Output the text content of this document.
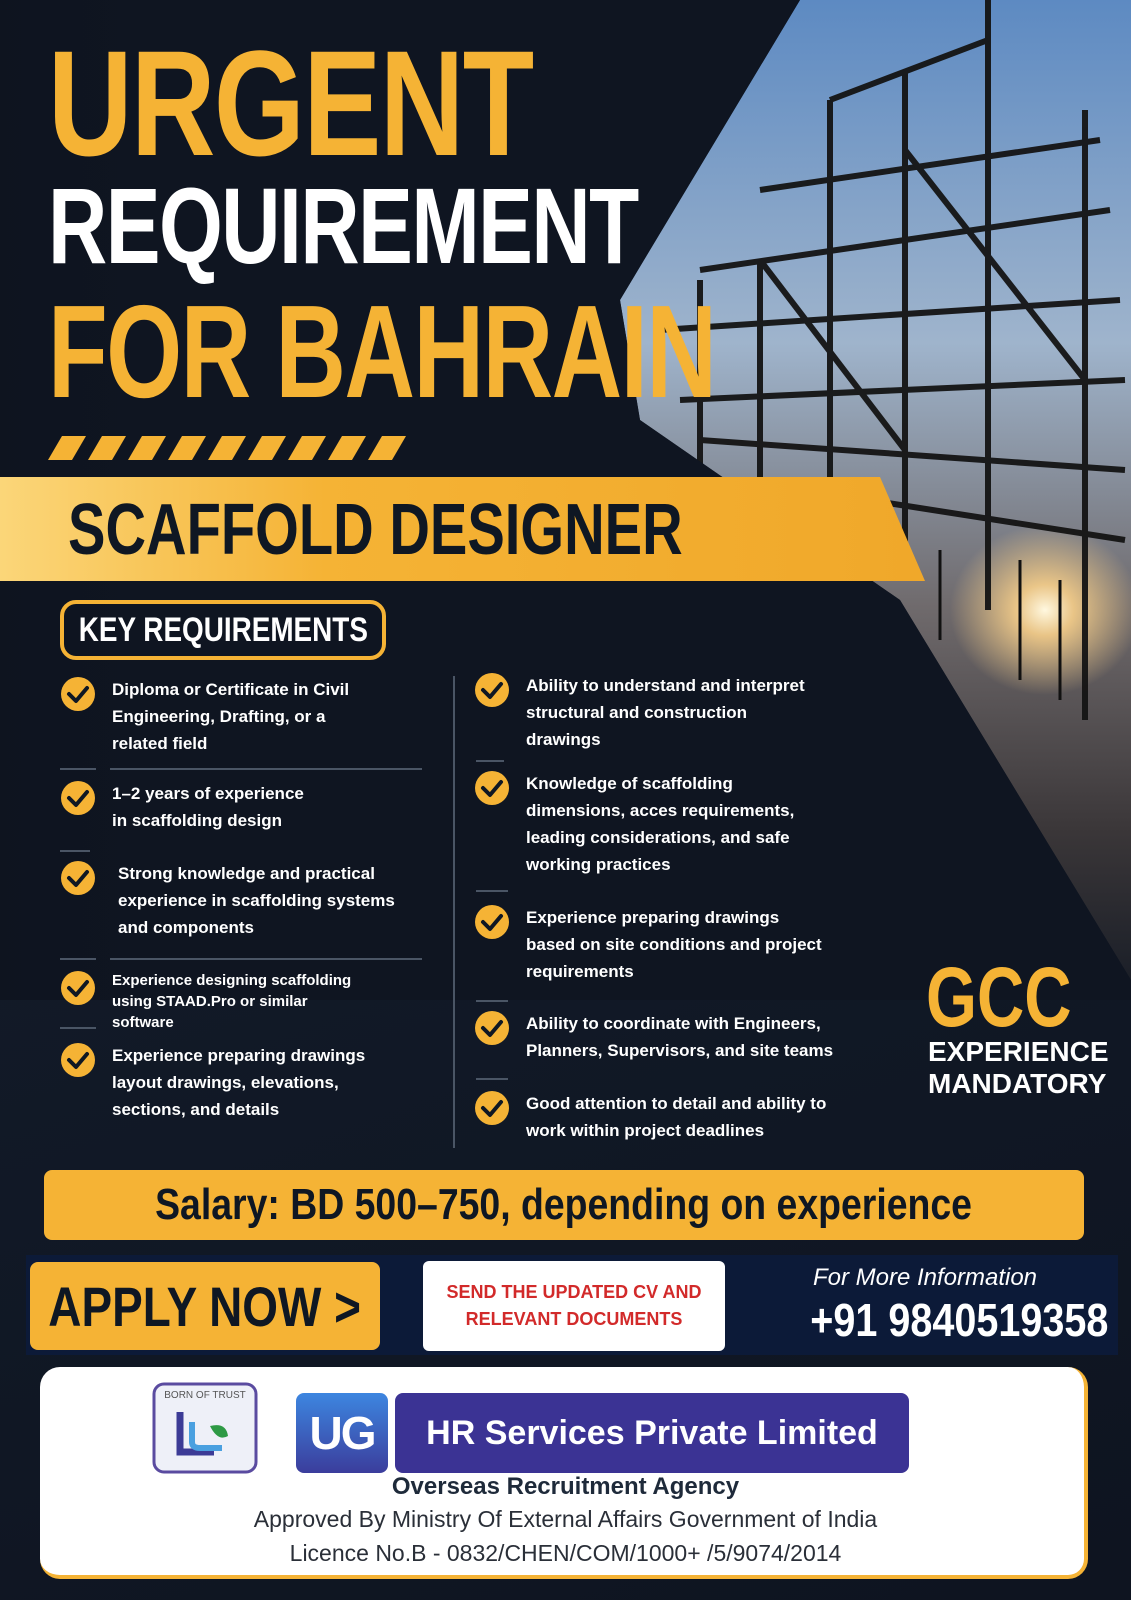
URGENT
REQUIREMENT
FOR BAHRAIN
SCAFFOLD DESIGNER
KEY REQUIREMENTS
Diploma or Certificate in Civil Engineering, Drafting, or a related field
1–2 years of experience in scaffolding design
Strong knowledge and practical experience in scaffolding systems and components
Experience designing scaffolding using STAAD.Pro or similar software
Experience preparing drawings layout drawings, elevations, sections, and details
Ability to understand and interpret structural and construction drawings
Knowledge of scaffolding dimensions, acces requirements, leading considerations, and safe working practices
Experience preparing drawings based on site conditions and project requirements
Ability to coordinate with Engineers, Planners, Supervisors, and site teams
Good attention to detail and ability to work within project deadlines
GCC
EXPERIENCE
MANDATORY
Salary: BD 500–750, depending on experience
APPLY NOW >	SEND THE UPDATED CV AND RELEVANT DOCUMENTS
For More Information
+91 9840519358
BORN OF TRUST
UG HR Services Private Limited
Overseas Recruitment Agency
Approved By Ministry Of External Affairs Government of India
Licence No.B - 0832/CHEN/COM/1000+ /5/9074/2014
